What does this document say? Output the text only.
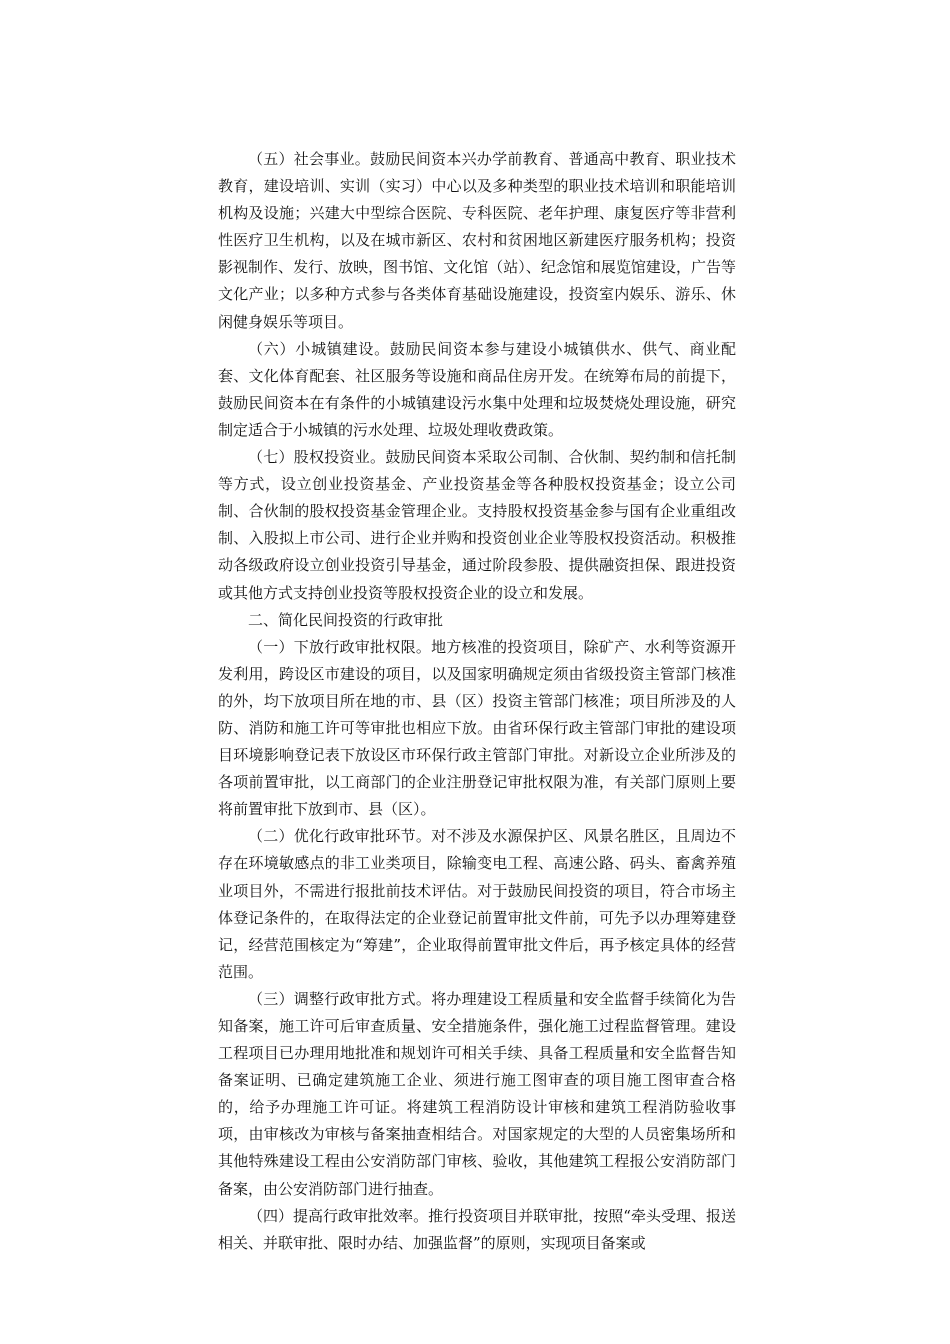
（五）社会事业。鼓励民间资本兴办学前教育、普通高中教育、职业技术教育，建设培训、实训（实习）中心以及多种类型的职业技术培训和职能培训机构及设施；兴建大中型综合医院、专科医院、老年护理、康复医疗等非营利性医疗卫生机构，以及在城市新区、农村和贫困地区新建医疗服务机构；投资影视制作、发行、放映，图书馆、文化馆（站）、纪念馆和展览馆建设，广告等文化产业；以多种方式参与各类体育基础设施建设，投资室内娱乐、游乐、休闲健身娱乐等项目。

（六）小城镇建设。鼓励民间资本参与建设小城镇供水、供气、商业配套、文化体育配套、社区服务等设施和商品住房开发。在统筹布局的前提下，鼓励民间资本在有条件的小城镇建设污水集中处理和垃圾焚烧处理设施，研究制定适合于小城镇的污水处理、垃圾处理收费政策。

（七）股权投资业。鼓励民间资本采取公司制、合伙制、契约制和信托制等方式，设立创业投资基金、产业投资基金等各种股权投资基金；设立公司制、合伙制的股权投资基金管理企业。支持股权投资基金参与国有企业重组改制、入股拟上市公司、进行企业并购和投资创业企业等股权投资活动。积极推动各级政府设立创业投资引导基金，通过阶段参股、提供融资担保、跟进投资或其他方式支持创业投资等股权投资企业的设立和发展。

二、简化民间投资的行政审批

（一）下放行政审批权限。地方核准的投资项目，除矿产、水利等资源开发利用，跨设区市建设的项目，以及国家明确规定须由省级投资主管部门核准的外，均下放项目所在地的市、县（区）投资主管部门核准；项目所涉及的人防、消防和施工许可等审批也相应下放。由省环保行政主管部门审批的建设项目环境影响登记表下放设区市环保行政主管部门审批。对新设立企业所涉及的各项前置审批，以工商部门的企业注册登记审批权限为准，有关部门原则上要将前置审批下放到市、县（区）。

（二）优化行政审批环节。对不涉及水源保护区、风景名胜区，且周边不存在环境敏感点的非工业类项目，除输变电工程、高速公路、码头、畜禽养殖业项目外，不需进行报批前技术评估。对于鼓励民间投资的项目，符合市场主体登记条件的，在取得法定的企业登记前置审批文件前，可先予以办理筹建登记，经营范围核定为“筹建”，企业取得前置审批文件后，再予核定具体的经营范围。

（三）调整行政审批方式。将办理建设工程质量和安全监督手续简化为告知备案，施工许可后审查质量、安全措施条件，强化施工过程监督管理。建设工程项目已办理用地批准和规划许可相关手续、具备工程质量和安全监督告知备案证明、已确定建筑施工企业、须进行施工图审查的项目施工图审查合格的，给予办理施工许可证。将建筑工程消防设计审核和建筑工程消防验收事项，由审核改为审核与备案抽查相结合。对国家规定的大型的人员密集场所和其他特殊建设工程由公安消防部门审核、验收，其他建筑工程报公安消防部门备案，由公安消防部门进行抽查。

（四）提高行政审批效率。推行投资项目并联审批，按照“牵头受理、报送相关、并联审批、限时办结、加强监督”的原则，实现项目备案或
